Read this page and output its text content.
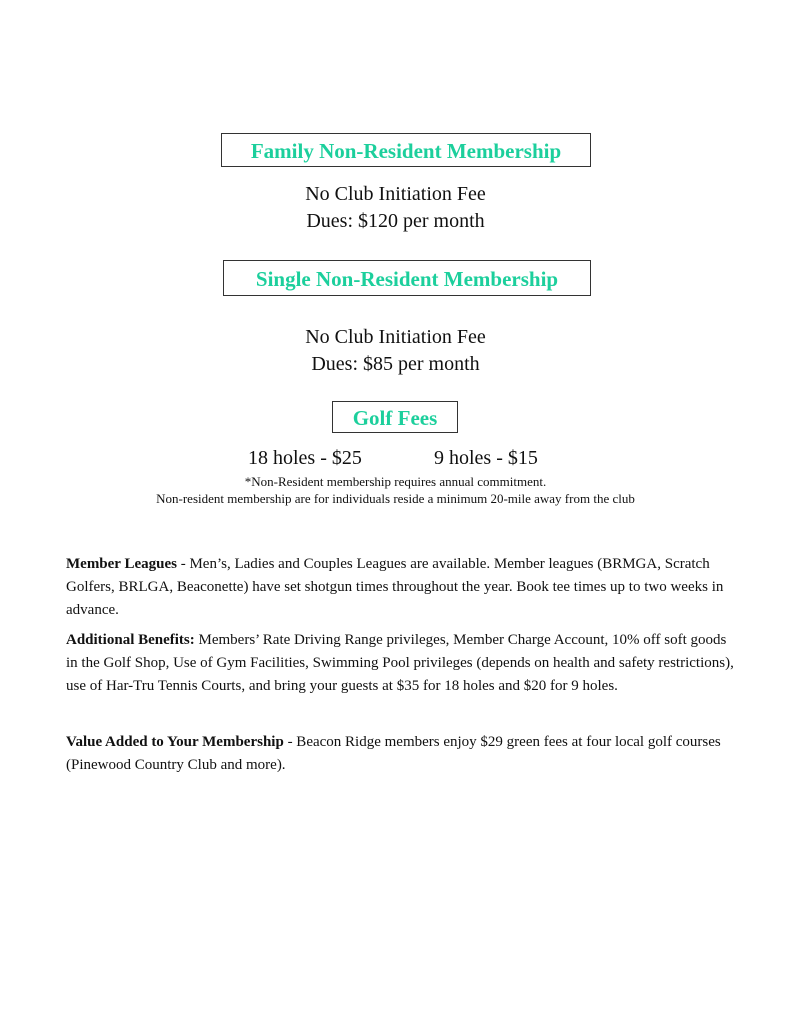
Family Non-Resident Membership
No Club Initiation Fee
Dues: $120 per month
Single Non-Resident Membership
No Club Initiation Fee
Dues: $85 per month
Golf Fees
18 holes - $25	9 holes - $15
*Non-Resident membership requires annual commitment.
Non-resident membership are for individuals reside a minimum 20-mile away from the club

Member Leagues - Men’s, Ladies and Couples Leagues are available. Member leagues (BRMGA, Scratch Golfers, BRLGA, Beaconette) have set shotgun times throughout the year. Book tee times up to two weeks in advance.

Additional Benefits: Members’ Rate Driving Range privileges, Member Charge Account, 10% off soft goods in the Golf Shop, Use of Gym Facilities, Swimming Pool privileges (depends on health and safety restrictions), use of Har-Tru Tennis Courts, and bring your guests at $35 for 18 holes and $20 for 9 holes.

Value Added to Your Membership - Beacon Ridge members enjoy $29 green fees at four local golf courses (Pinewood Country Club and more).
